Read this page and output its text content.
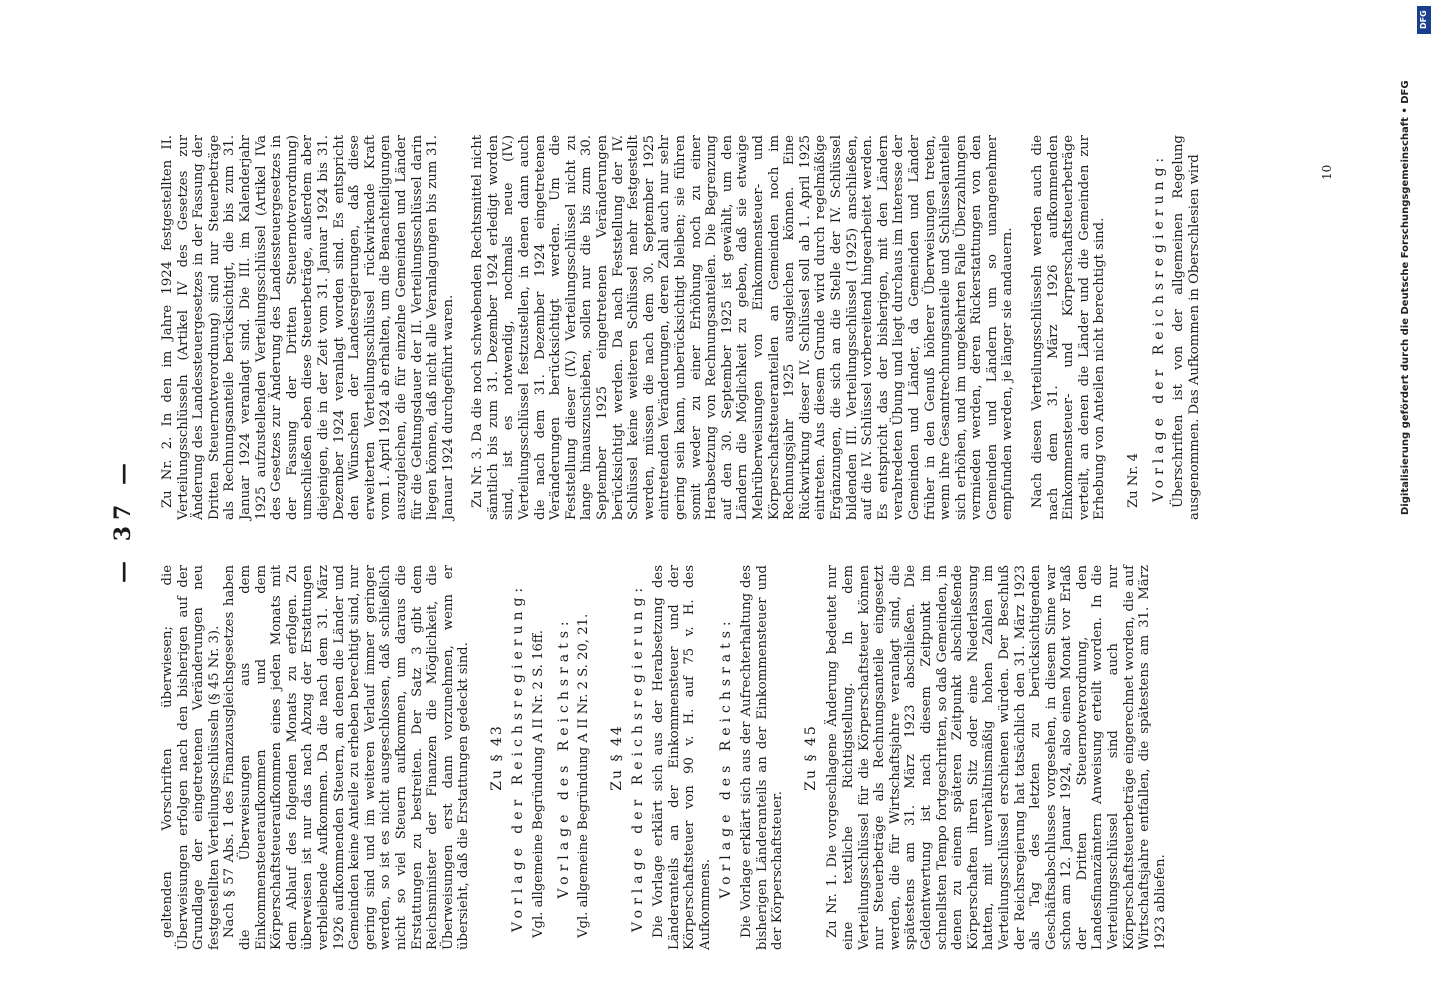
— 37 —

geltenden Vorschriften überwiesen; die Überweisungen erfolgen nach den bisherigen auf der Grundlage der eingetretenen Veränderungen neu festgestellten Verteilungsschlüsseln (§ 45 Nr. 3). Nach § 57 Abs. 1 des Finanzausgleichsgesetzes haben die Überweisungen aus dem Einkommensteueraufkommen und dem Körperschaftsteueraufkommen eines jeden Monats mit dem Ablauf des folgenden Monats zu erfolgen. Zu überweisen ist nur das nach Abzug der Erstattungen verbleibende Aufkommen. Da die nach dem 31. März 1926 aufkommenden Steuern, an denen die Länder und Gemeinden keine Anteile zu erheben berechtigt sind, nur gering sind und im weiteren Verlauf immer geringer werden, so ist es nicht ausgeschlossen, daß schließlich nicht so viel Steuern aufkommen, um daraus die Erstattungen zu bestreiten. Der Satz 3 gibt dem Reichsminister der Finanzen die Möglichkeit, die Überweisungen erst dann vorzunehmen, wenn er übersieht, daß die Erstattungen gedeckt sind. Zu § 43 Vorlage der Reichsregierung: Vgl. allgemeine Begründung A II Nr. 2 S. 16ff. Vorlage des Reichsrats: Vgl. allgemeine Begründung A II Nr. 2 S. 20, 21. Zu § 44 Vorlage der Reichsregierung: Die Vorlage erklärt sich aus der Herabsetzung des Länderanteils an der Einkommensteuer und der Körperschaftsteuer von 90 v. H. auf 75 v. H. des Aufkommens.

Vorlage des Reichsrats: Die Vorlage erklärt sich aus der Aufrechterhaltung des bisherigen Länderanteils an der Einkommensteuer und der Körperschaftsteuer.

Zu § 45 Zu Nr. 1. Die vorgeschlagene Änderung bedeutet nur eine textliche Richtigstellung. In dem Verteilungsschlüssel für die Körperschaftsteuer können nur Steuerbeträge als Rechnungsanteile eingesetzt werden, die für Wirtschaftsjahre veranlagt sind, die spätestens am 31. März 1923 abschließen. Die Geldentwertung ist nach diesem Zeitpunkt im schnellsten Tempo fortgeschritten, so daß Gemeinden, in denen zu einem späteren Zeitpunkt abschließende Körperschaften ihren Sitz oder eine Niederlassung hatten, mit unverhältnismäßig hohen Zahlen im Verteilungsschlüssel erschienen würden. Der Beschluß der Reichsregierung hat tatsächlich den 31. März 1923 als Tag des letzten zu berücksichtigenden Geschäftsabschlusses vorgesehen, in diesem Sinne war schon am 12. Januar 1924, also einen Monat vor Erlaß der Dritten Steuernotverordnung, den Landesfinanzämtern Anweisung erteilt worden. In die Verteilungsschlüssel sind auch nur Körperschaftsteuerbeträge eingerechnet worden, die auf Wirtschaftsjahre entfallen, die spätestens am 31. März 1923 abliefen.

Zu Nr. 2. In den im Jahre 1924 festgestellten II. Verteilungsschlüsseln (Artikel IV des Gesetzes zur Änderung des Landessteuergesetzes in der Fassung der Dritten Steuernotverordnung) sind nur Steuerbeträge als Rechnungsanteile berücksichtigt, die bis zum 31. Januar 1924 veranlagt sind. Die III. im Kalenderjahr 1925 aufzustellenden Verteilungsschlüssel (Artikel IVa des Gesetzes zur Änderung des Landessteuergesetzes in der Fassung der Dritten Steuernotverordnung) umschließen eben diese Steuerbeträge, außerdem aber diejenigen, die in der Zeit vom 31. Januar 1924 bis 31. Dezember 1924 veranlagt worden sind. Es entspricht den Wünschen der Landesregierungen, daß diese erweiterten Verteilungsschlüssel rückwirkende Kraft vom 1. April 1924 ab erhalten, um die Benachteiligungen auszugleichen, die für einzelne Gemeinden und Länder für die Geltungsdauer der II. Verteilungsschlüssel darin liegen können, daß nicht alle Veranlagungen bis zum 31. Januar 1924 durchgeführt waren. Zu Nr. 3. Da die noch schwebenden Rechtsmittel nicht sämtlich bis zum 31. Dezember 1924 erledigt worden sind, ist es notwendig, nochmals neue (IV.) Verteilungsschlüssel festzustellen, in denen dann auch die nach dem 31. Dezember 1924 eingetretenen Veränderungen berücksichtigt werden. Um die Feststellung dieser (IV.) Verteilungsschlüssel nicht zu lange hinauszuschieben, sollen nur die bis zum 30. September 1925 eingetretenen Veränderungen berücksichtigt werden. Da nach Feststellung der IV. Schlüssel keine weiteren Schlüssel mehr festgestellt werden, müssen die nach dem 30. September 1925 eintretenden Veränderungen, deren Zahl auch nur sehr gering sein kann, unberücksichtigt bleiben; sie führen somit weder zu einer Erhöhung noch zu einer Herabsetzung von Rechnungsanteilen. Die Begrenzung auf den 30. September 1925 ist gewählt, um den Ländern die Möglichkeit zu geben, daß sie etwaige Mehrüberweisungen von Einkommensteuer- und Körperschaftsteueranteilen an Gemeinden noch im Rechnungsjahr 1925 ausgleichen können. Eine Rückwirkung dieser IV. Schlüssel soll ab 1. April 1925 eintreten. Aus diesem Grunde wird durch regelmäßige Ergänzungen, die sich an die Stelle der IV. Schlüssel bildenden III. Verteilungsschlüssel (1925) anschließen, auf die IV. Schlüssel vorbereitend hingearbeitet werden. Es entspricht das der bisherigen, mit den Ländern verabredeten Übung und liegt durchaus im Interesse der Gemeinden und Länder, da Gemeinden und Länder früher in den Genuß höherer Überweisungen treten, wenn ihre Gesamtrechnungsanteile und Schlüsselanteile sich erhöhen, und im umgekehrten Falle Überzahlungen vermieden werden, deren Rückerstattungen von den Gemeinden und Ländern um so unangenehmer empfunden werden, je länger sie andauern. Nach diesen Verteilungsschlüsseln werden auch die nach dem 31. März 1926 aufkommenden Einkommensteuer- und Körperschaftsteuerbeträge verteilt, an denen die Länder und die Gemeinden zur Erhebung von Anteilen nicht berechtigt sind. Zu Nr. 4 Vorlage der Reichsregierung: Überschriften ist von der allgemeinen Regelung ausgenommen. Das Aufkommen in Oberschlesien wird	10
DFG
Digitalisierung gefördert durch die Deutsche Forschungsgemeinschaft • DFG
